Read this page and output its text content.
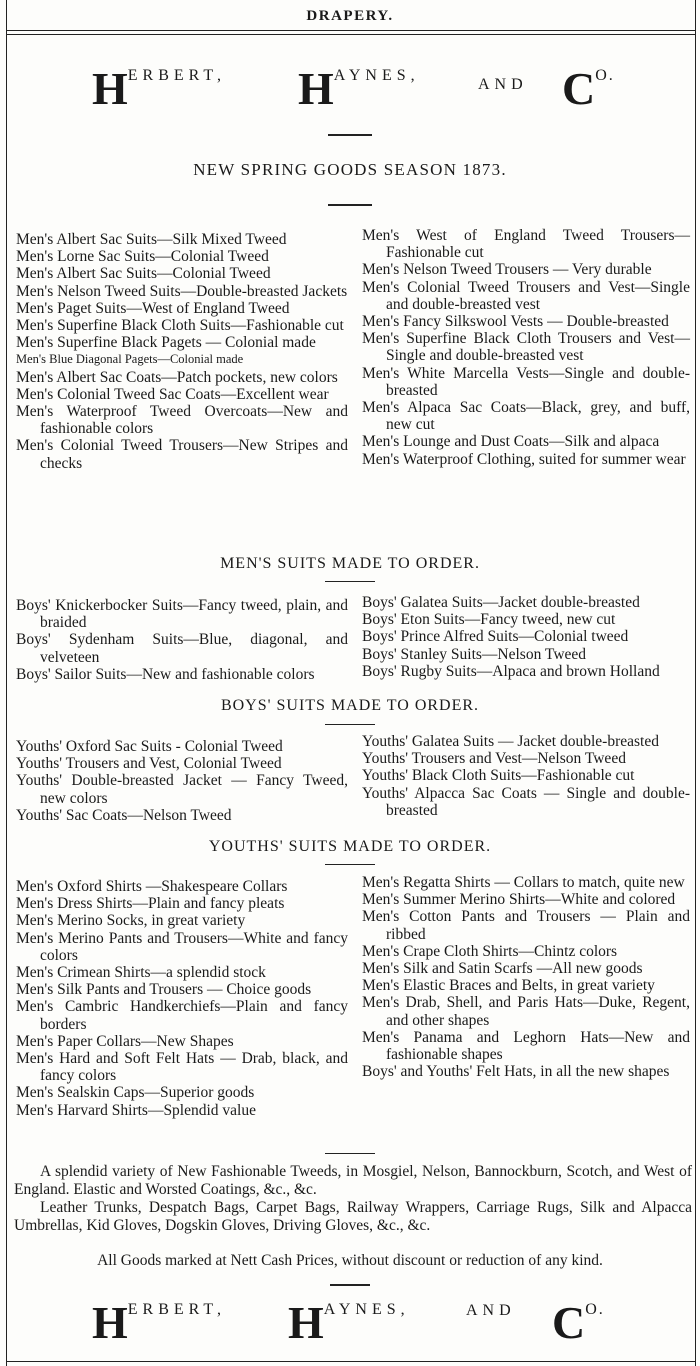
DRAPERY.
HERBERT, HAYNES,
AND CO.
NEW SPRING GOODS SEASON 1873.
Men's Albert Sac Suits—Silk Mixed Tweed
Men's Lorne Sac Suits—Colonial Tweed
Men's Albert Sac Suits—Colonial Tweed
Men's Nelson Tweed Suits—Double-breasted Jackets
Men's Paget Suits—West of England Tweed
Men's Superfine Black Cloth Suits—Fashionable cut
Men's Superfine Black Pagets — Colonial made
Men's Blue Diagonal Pagets—Colonial made
Men's Albert Sac Coats—Patch pockets, new colors
Men's Colonial Tweed Sac Coats—Excellent wear
Men's Waterproof Tweed Overcoats—New and fashionable colors
Men's Colonial Tweed Trousers—New Stripes and checks
Men's West of England Tweed Trousers—Fashionable cut
Men's Nelson Tweed Trousers — Very durable
Men's Colonial Tweed Trousers and Vest—Single and double-breasted vest
Men's Fancy Silkswool Vests — Double-breasted
Men's Superfine Black Cloth Trousers and Vest—Single and double-breasted vest
Men's White Marcella Vests—Single and double-breasted
Men's Alpaca Sac Coats—Black, grey, and buff, new cut
Men's Lounge and Dust Coats—Silk and alpaca
Men's Waterproof Clothing, suited for summer wear
MEN'S SUITS MADE TO ORDER.
Boys' Knickerbocker Suits—Fancy tweed, plain, and braided
Boys' Sydenham Suits—Blue, diagonal, and velveteen
Boys' Sailor Suits—New and fashionable colors
Boys' Galatea Suits—Jacket double-breasted
Boys' Eton Suits—Fancy tweed, new cut
Boys' Prince Alfred Suits—Colonial tweed
Boys' Stanley Suits—Nelson Tweed
Boys' Rugby Suits—Alpaca and brown Holland
BOYS' SUITS MADE TO ORDER.
Youths' Oxford Sac Suits - Colonial Tweed
Youths' Trousers and Vest, Colonial Tweed
Youths' Double-breasted Jacket — Fancy Tweed, new colors
Youths' Sac Coats—Nelson Tweed
Youths' Galatea Suits — Jacket double-breasted
Youths' Trousers and Vest—Nelson Tweed
Youths' Black Cloth Suits—Fashionable cut
Youths' Alpacca Sac Coats — Single and double-breasted
YOUTHS' SUITS MADE TO ORDER.
Men's Oxford Shirts —Shakespeare Collars
Men's Dress Shirts—Plain and fancy pleats
Men's Merino Socks, in great variety
Men's Merino Pants and Trousers—White and fancy colors
Men's Crimean Shirts—a splendid stock
Men's Silk Pants and Trousers — Choice goods
Men's Cambric Handkerchiefs—Plain and fancy borders
Men's Paper Collars—New Shapes
Men's Hard and Soft Felt Hats — Drab, black, and fancy colors
Men's Sealskin Caps—Superior goods
Men's Harvard Shirts—Splendid value
Men's Regatta Shirts — Collars to match, quite new
Men's Summer Merino Shirts—White and colored
Men's Cotton Pants and Trousers — Plain and ribbed
Men's Crape Cloth Shirts—Chintz colors
Men's Silk and Satin Scarfs —All new goods
Men's Elastic Braces and Belts, in great variety
Men's Drab, Shell, and Paris Hats—Duke, Regent, and other shapes
Men's Panama and Leghorn Hats—New and fashionable shapes
Boys' and Youths' Felt Hats, in all the new shapes
A splendid variety of New Fashionable Tweeds, in Mosgiel, Nelson, Bannockburn, Scotch, and West of England. Elastic and Worsted Coatings, &c., &c.
Leather Trunks, Despatch Bags, Carpet Bags, Railway Wrappers, Carriage Rugs, Silk and Alpacca Umbrellas, Kid Gloves, Dogskin Gloves, Driving Gloves, &c., &c.
All Goods marked at Nett Cash Prices, without discount or reduction of any kind.
HERBERT, HAYNES,	AND CO.
